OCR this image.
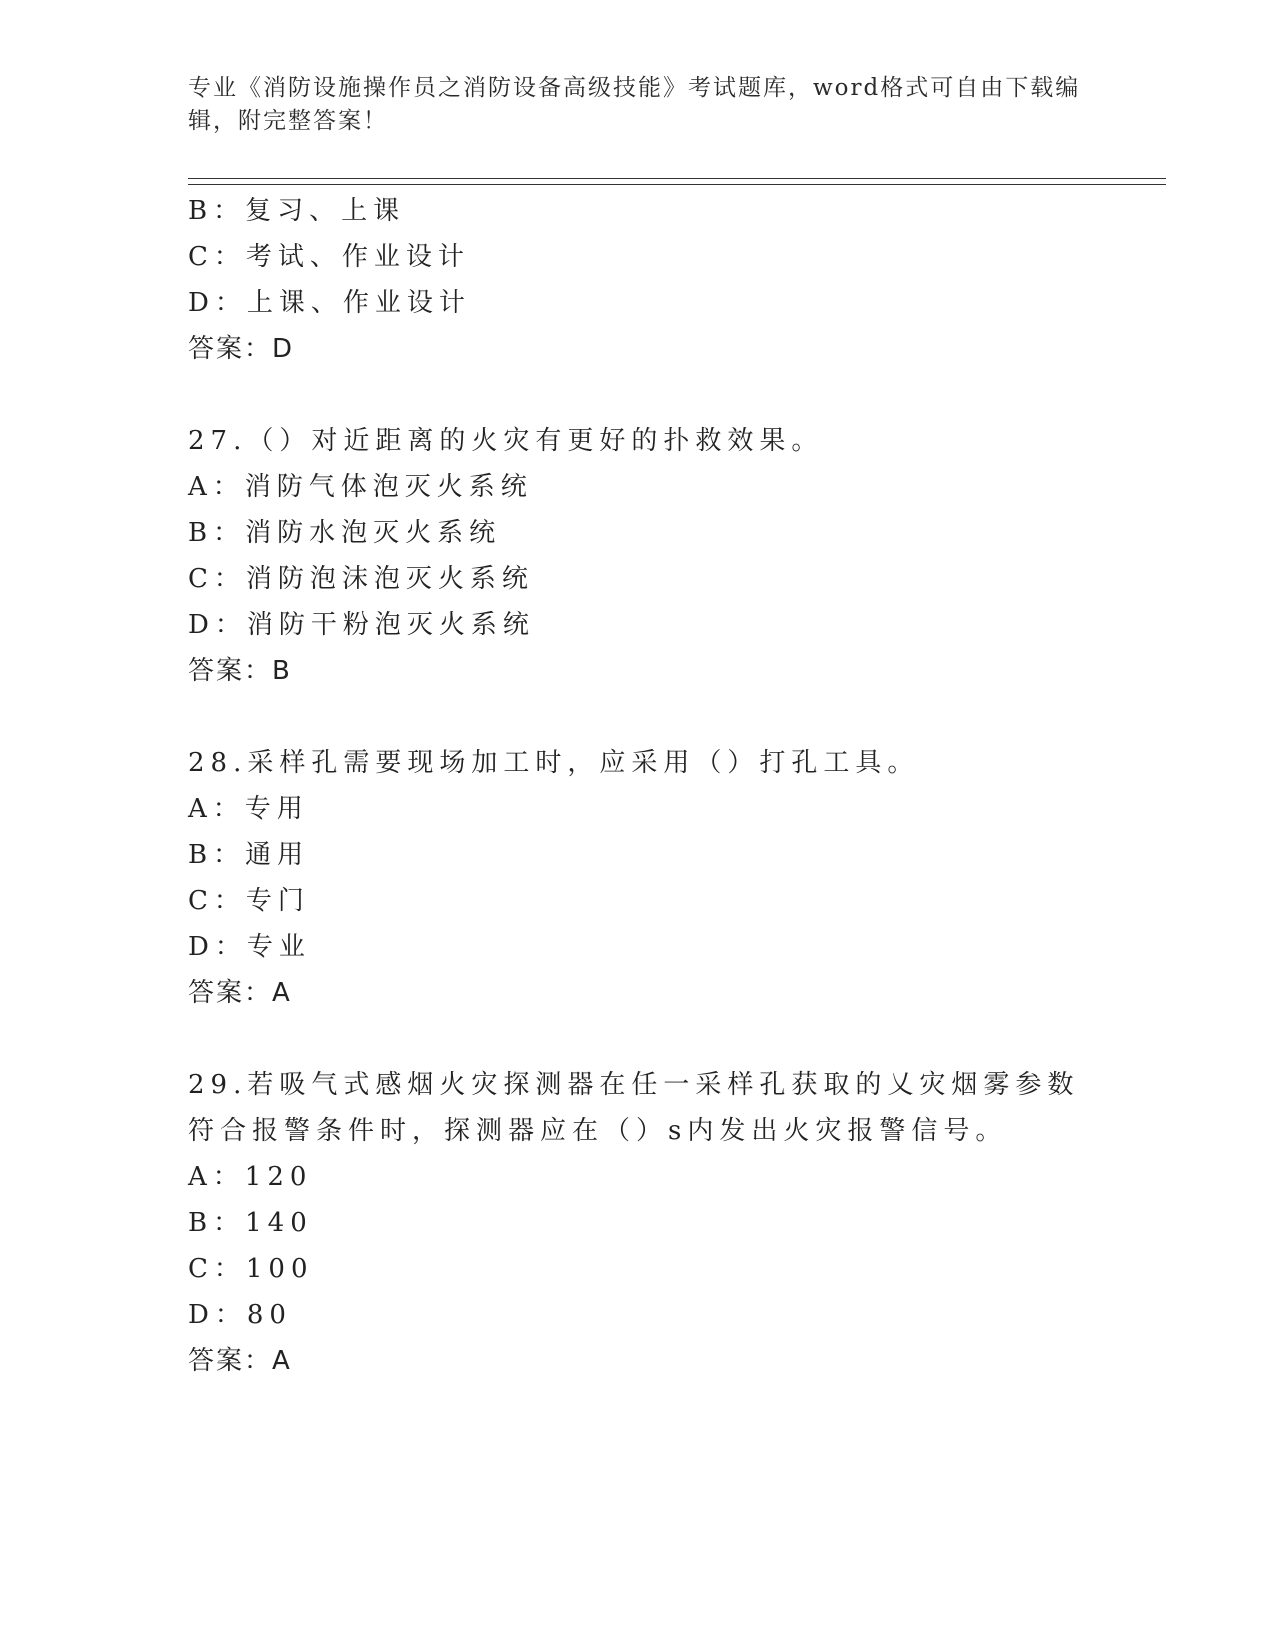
专业《消防设施操作员之消防设备高级技能》考试题库，word格式可自由下载编辑，附完整答案！
B：复习、上课
C：考试、作业设计
D：上课、作业设计
答案：D
27.（）对近距离的火灾有更好的扑救效果。
A：消防气体泡灭火系统
B：消防水泡灭火系统
C：消防泡沫泡灭火系统
D：消防干粉泡灭火系统
答案：B
28.采样孔需要现场加工时，应采用（）打孔工具。
A：专用
B：通用
C：专门
D：专业
答案：A
29.若吸气式感烟火灾探测器在任一采样孔获取的乂灾烟雾参数符合报警条件时，探测器应在（）s内发出火灾报警信号。
A：120
B：140
C：100
D：80
答案：A
